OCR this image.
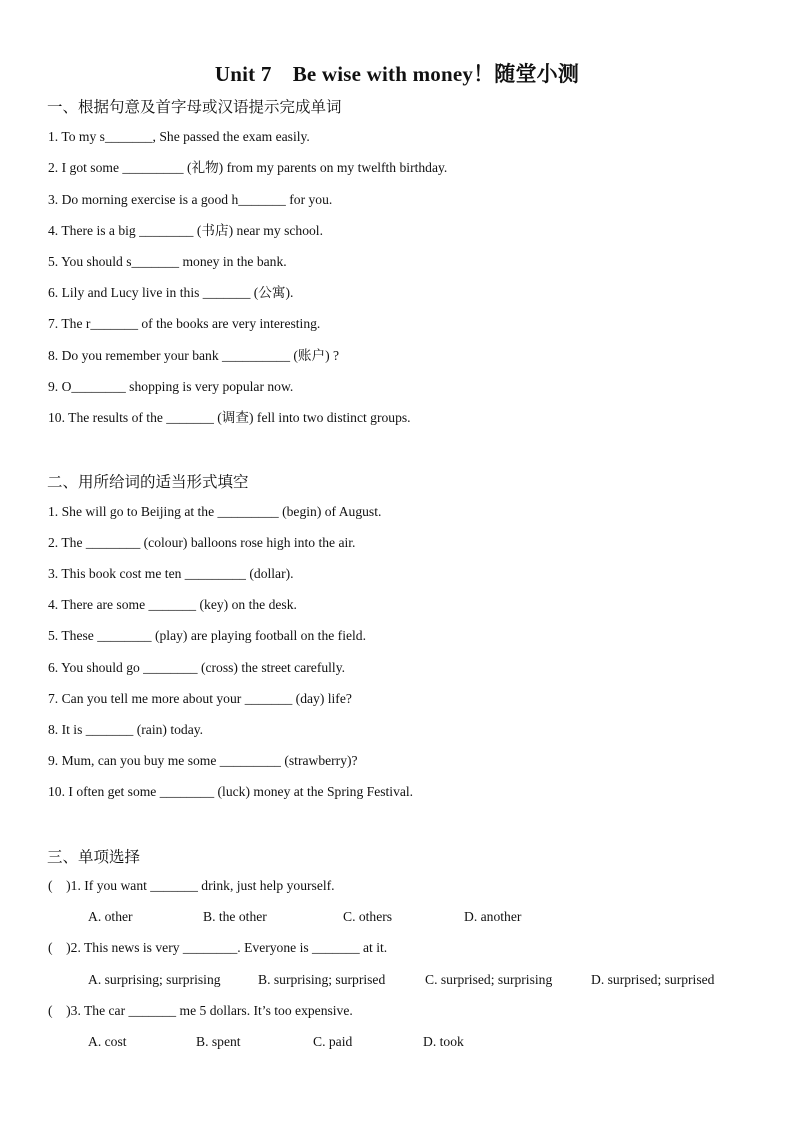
Unit 7　Be wise with money！随堂小测
一、根据句意及首字母或汉语提示完成单词
1. To my s_______, She passed the exam easily.
2. I got some _________ (礼物) from my parents on my twelfth birthday.
3. Do morning exercise is a good h_______ for you.
4. There is a big ________ (书店) near my school.
5. You should s_______ money in the bank.
6. Lily and Lucy live in this _______ (公寓).
7. The r_______ of the books are very interesting.
8. Do you remember your bank __________ (账户) ?
9. O________ shopping is very popular now.
10. The results of the _______ (调查) fell into two distinct groups.
二、用所给词的适当形式填空
1. She will go to Beijing at the _________ (begin) of August.
2. The ________ (colour) balloons rose high into the air.
3. This book cost me ten _________ (dollar).
4. There are some _______ (key) on the desk.
5. These ________ (play) are playing football on the field.
6. You should go ________ (cross) the street carefully.
7. Can you tell me more about your _______ (day) life?
8. It is _______ (rain) today.
9. Mum, can you buy me some _________ (strawberry)?
10. I often get some ________ (luck) money at the Spring Festival.
三、单项选择
(    )1. If you want _______ drink, just help yourself.
A. other	B. the other	C. others	D. another
(    )2. This news is very ________. Everyone is _______ at it.
A. surprising; surprising	B. surprising; surprised	C. surprised; surprising	D. surprised; surprised
(    )3. The car _______ me 5 dollars. It’s too expensive.
A. cost	B. spent	C. paid	D. took
